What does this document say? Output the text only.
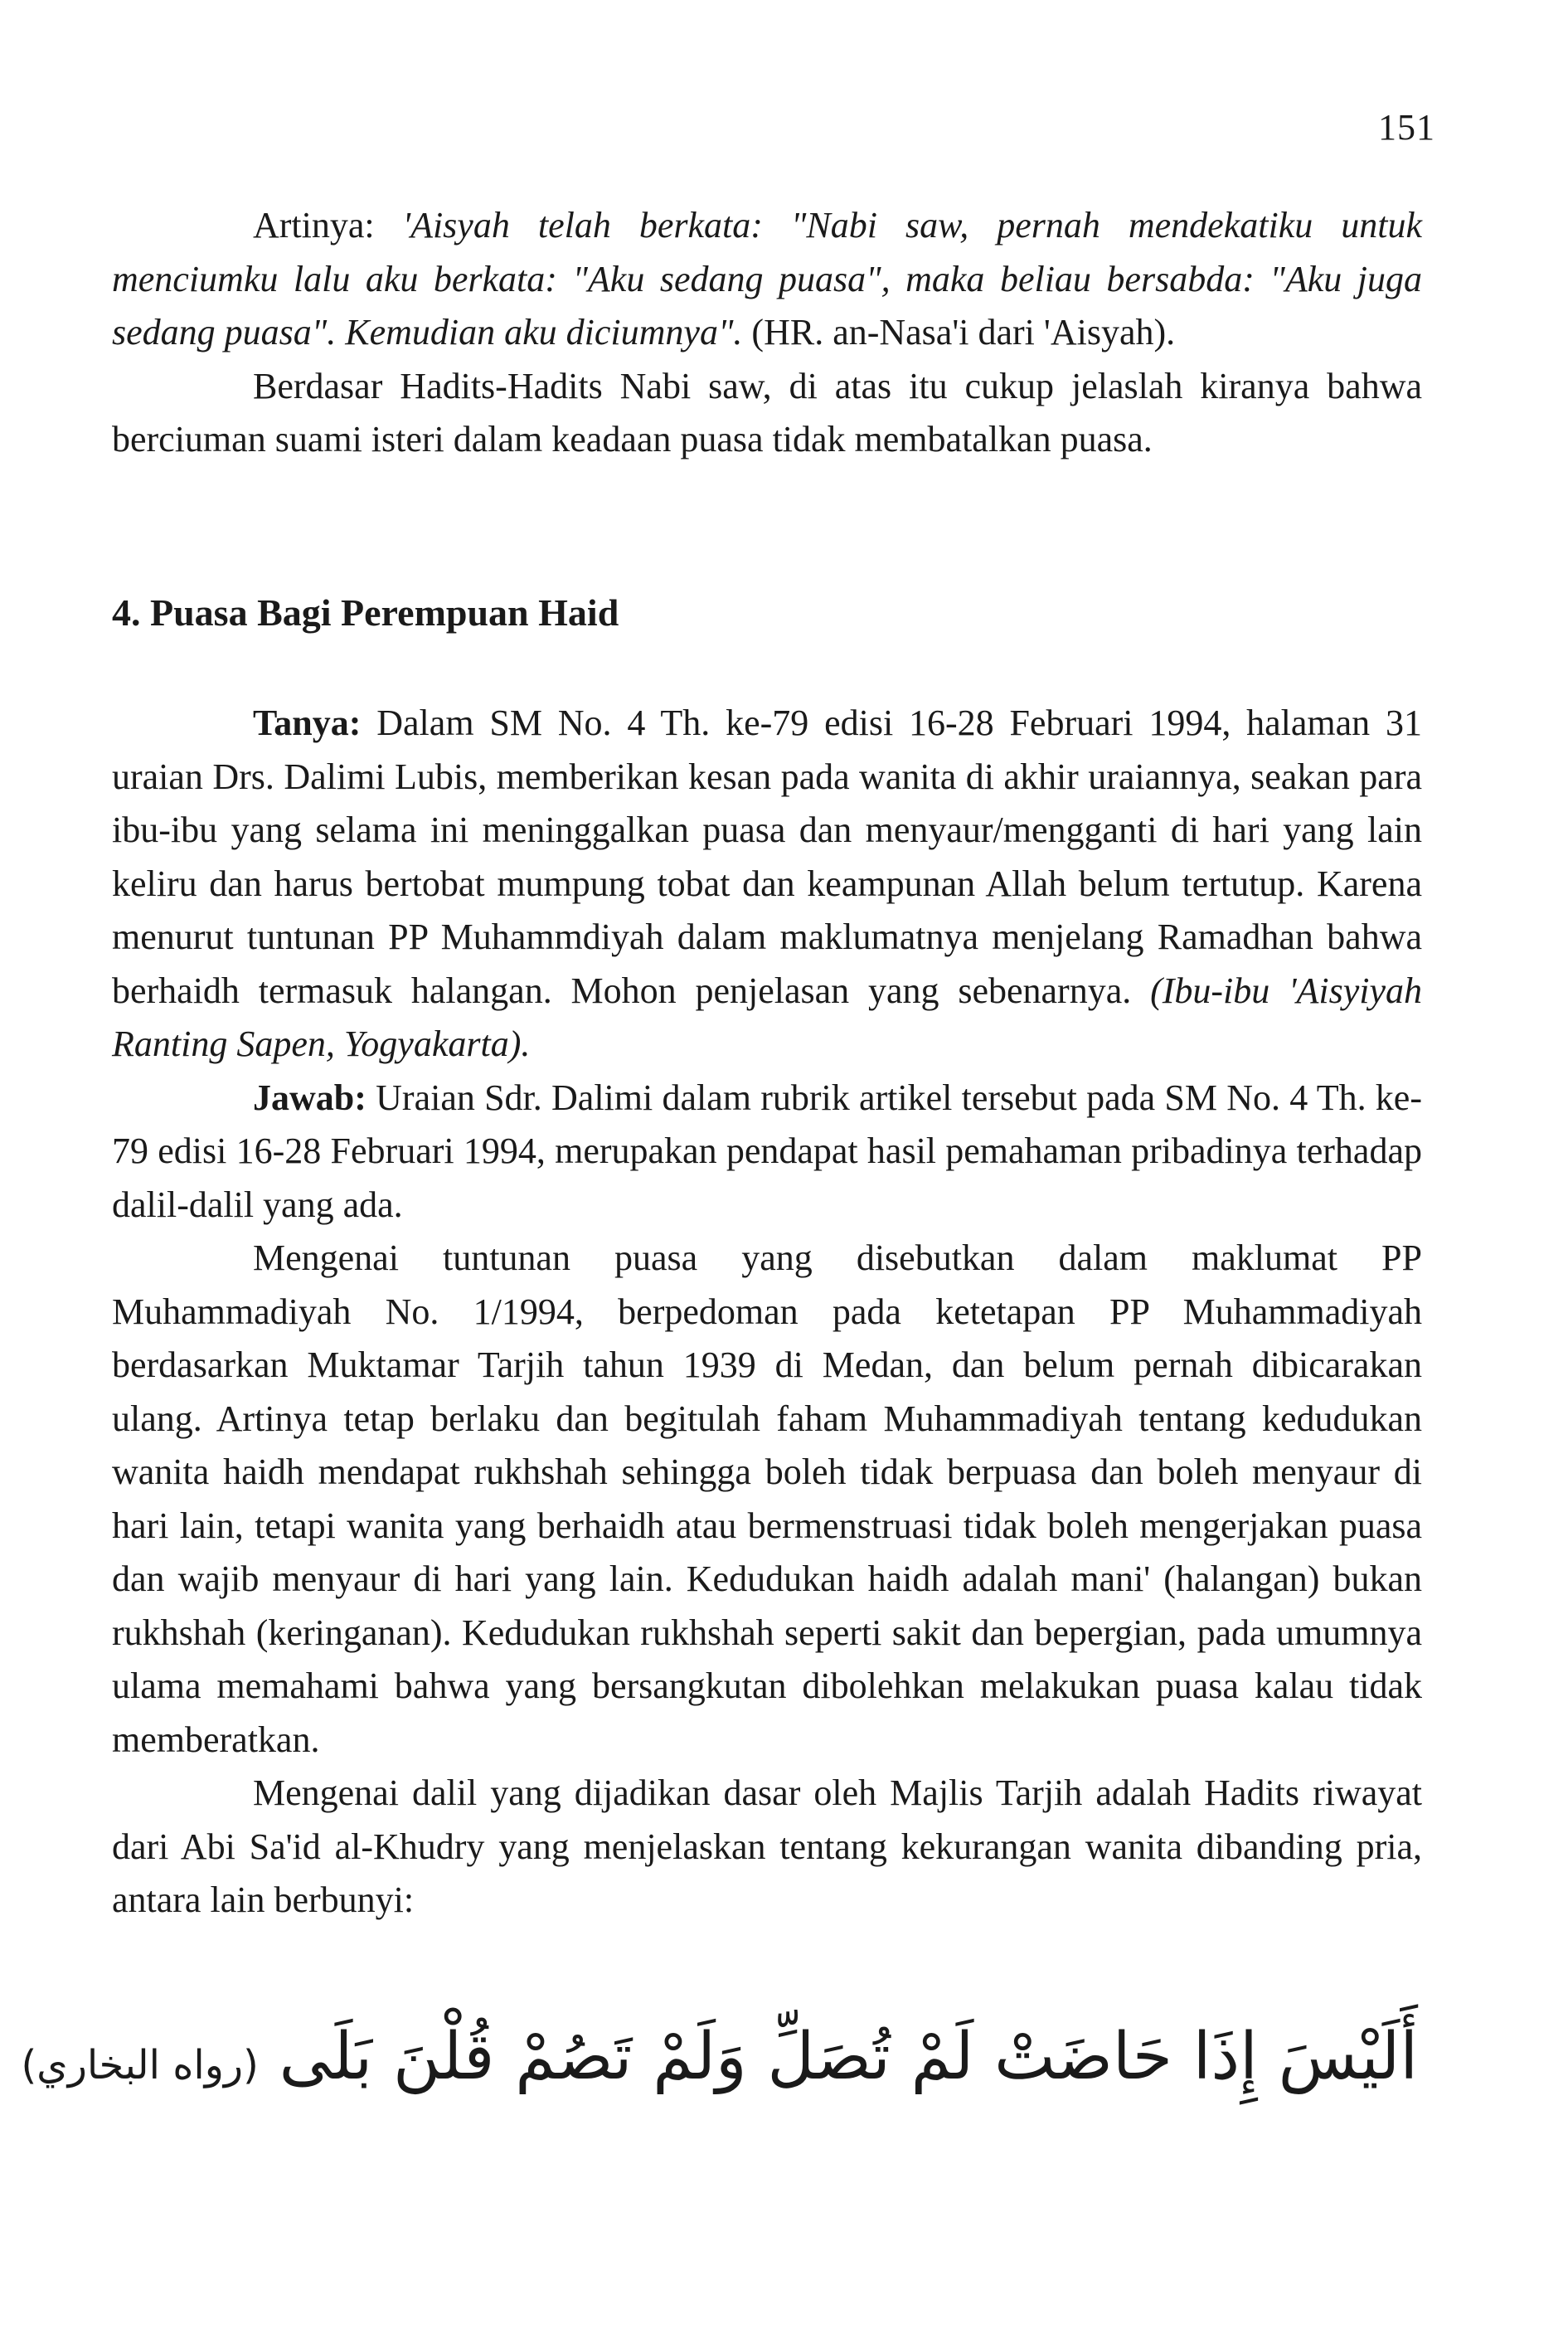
151
Artinya: 'Aisyah telah berkata: "Nabi saw, pernah mendekatiku untuk menciumku lalu aku berkata: "Aku sedang puasa", maka beliau bersabda: "Aku juga sedang puasa". Kemudian aku diciumnya". (HR. an-Nasa'i dari 'Aisyah).
Berdasar Hadits-Hadits Nabi saw, di atas itu cukup jelaslah kiranya bahwa berciuman suami isteri dalam keadaan puasa tidak membatalkan puasa.
4. Puasa Bagi Perempuan Haid

Tanya: Dalam SM No. 4 Th. ke-79 edisi 16-28 Februari 1994, halaman 31 uraian Drs. Dalimi Lubis, memberikan kesan pada wanita di akhir uraiannya, seakan para ibu-ibu yang selama ini meninggalkan puasa dan menyaur/mengganti di hari yang lain keliru dan harus bertobat mumpung tobat dan keampunan Allah belum tertutup. Karena menurut tuntunan PP Muhammdiyah dalam maklumatnya menjelang Ramadhan bahwa berhaidh termasuk halangan. Mohon penjelasan yang sebenarnya. (Ibu-ibu 'Aisyiyah Ranting Sapen, Yogyakarta).

Jawab: Uraian Sdr. Dalimi dalam rubrik artikel tersebut pada SM No. 4 Th. ke-79 edisi 16-28 Februari 1994, merupakan pendapat hasil pemahaman pribadinya terhadap dalil-dalil yang ada.

Mengenai tuntunan puasa yang disebutkan dalam maklumat PP Muhammadiyah No. 1/1994, berpedoman pada ketetapan PP Muhammadiyah berdasarkan Muktamar Tarjih tahun 1939 di Medan, dan belum pernah dibicarakan ulang. Artinya tetap berlaku dan begitulah faham Muhammadiyah tentang kedudukan wanita haidh mendapat rukhshah sehingga boleh tidak berpuasa dan boleh menyaur di hari lain, tetapi wanita yang berhaidh atau bermenstruasi tidak boleh mengerjakan puasa dan wajib menyaur di hari yang lain. Kedudukan haidh adalah mani' (halangan) bukan rukhshah (keringanan). Kedudukan rukhshah seperti sakit dan bepergian, pada umumnya ulama memahami bahwa yang bersangkutan dibolehkan melakukan puasa kalau tidak memberatkan.

Mengenai dalil yang dijadikan dasar oleh Majlis Tarjih adalah Hadits riwayat dari Abi Sa'id al-Khudry yang menjelaskan tentang kekurangan wanita dibanding pria, antara lain berbunyi:

أَلَيْسَ إِذَا حَاضَتْ لَمْ تُصَلِّ وَلَمْ تَصُمْ قُلْنَ بَلَى (رواه البخاري)
